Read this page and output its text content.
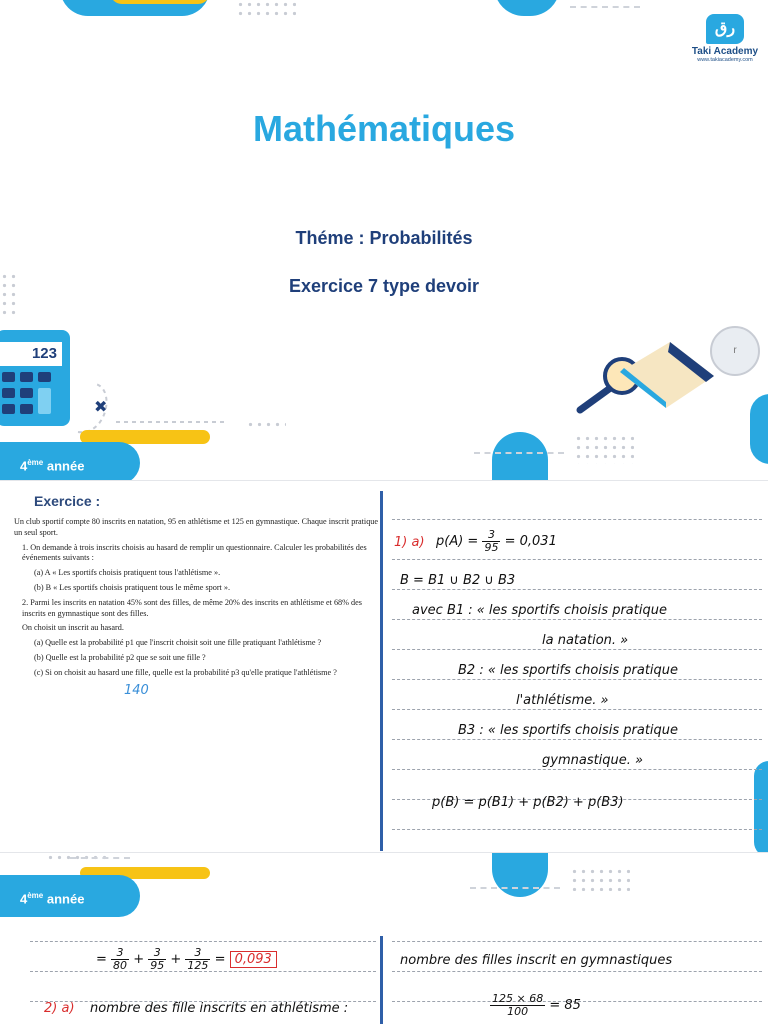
ﺭﻕ
Taki Academy
www.takiacademy.com
Mathématiques
Théme : Probabilités
Exercice 7 type devoir
123
✖
4ème année
r
Exercice :

Un club sportif compte 80 inscrits en natation, 95 en athlétisme et 125 en gymnastique. Chaque inscrit pratique un seul sport.

1. On demande à trois inscrits choisis au hasard de remplir un questionnaire. Calculer les probabilités des événements suivants :

(a) A « Les sportifs choisis pratiquent tous l'athlétisme ».

(b) B « Les sportifs choisis pratiquent tous le même sport ».

2. Parmi les inscrits en natation 45% sont des filles, de même 20% des inscrits en athlétisme et 68% des inscrits en gymnastique sont des filles.

On choisit un inscrit au hasard.

(a) Quelle est la probabilité p1 que l'inscrit choisit soit une fille pratiquant l'athlétisme ?

(b) Quelle est la probabilité p2 que se soit une fille ?

(c) Si on choisit au hasard une fille, quelle est la probabilité p3 qu'elle pratique l'athlétisme ?

140
1) a) $p(A) = \frac{3}{95} = 0,031$
B = B1 ∪ B2 ∪ B3
avec B1 : « les sportifs choisis pratique
la natation. »
B2 : « les sportifs choisis pratique
l'athlétisme. »
B3 : « les sportifs choisis pratique
gymnastique. »
p(B) = p(B1) + p(B2) + p(B3)
4ème année
= $\frac{3}{80} + \frac{3}{95} + \frac{3}{125} = 0,093$
2) a) nombre des fille inscrits en athlétisme :
nombre des filles inscrit en gymnastiques
$\frac{125 \times 68}{100} = 85$
